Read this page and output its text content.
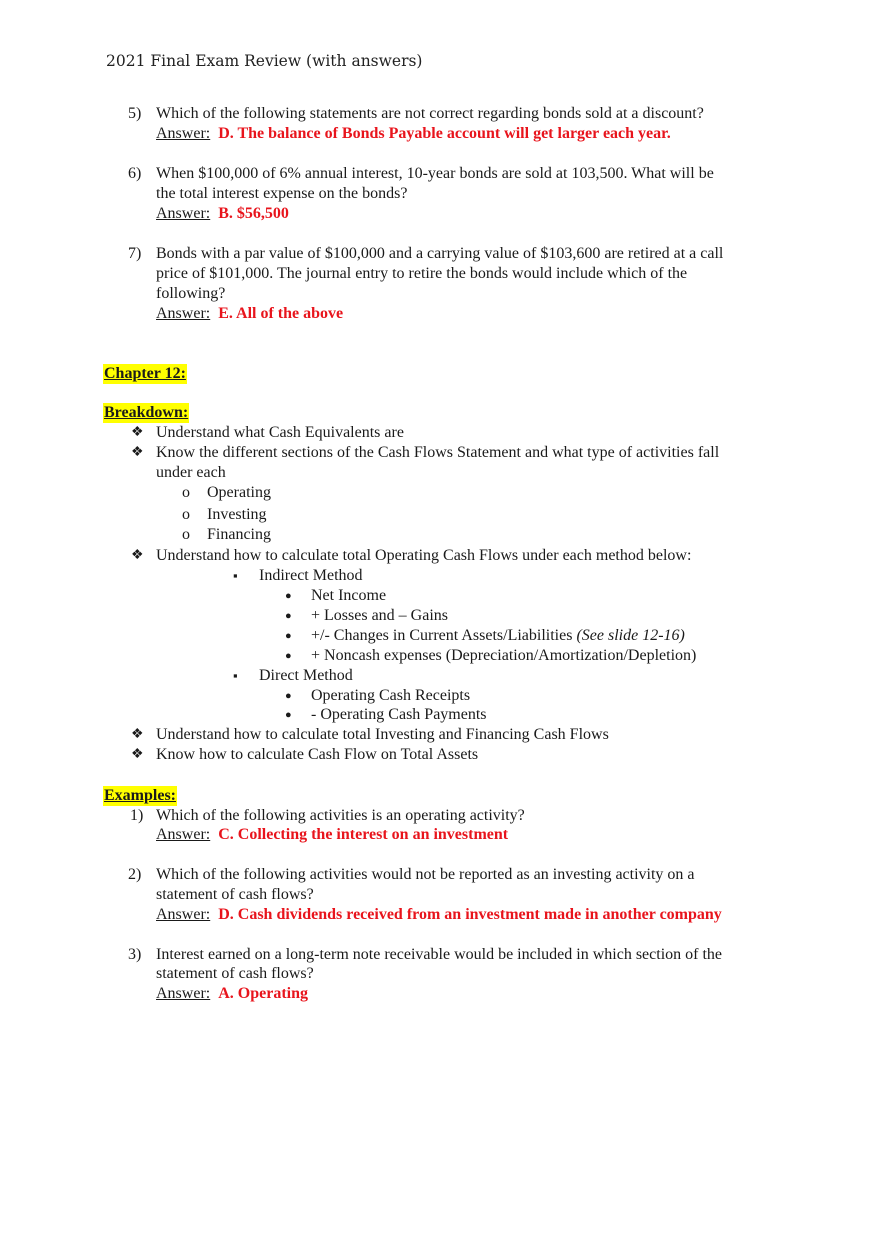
2021 Final Exam Review (with answers)
5) Which of the following statements are not correct regarding bonds sold at a discount?
Answer: D. The balance of Bonds Payable account will get larger each year.
6) When $100,000 of 6% annual interest, 10-year bonds are sold at 103,500. What will be
the total interest expense on the bonds?
Answer: B. $56,500
7) Bonds with a par value of $100,000 and a carrying value of $103,600 are retired at a call
price of $101,000. The journal entry to retire the bonds would include which of the
following?
Answer: E. All of the above
Chapter 12:
Breakdown:
❖ Understand what Cash Equivalents are
❖ Know the different sections of the Cash Flows Statement and what type of activities fall
under each
o Operating
o Investing
o Financing
❖ Understand how to calculate total Operating Cash Flows under each method below:
▪ Indirect Method
● Net Income
● + Losses and – Gains
● +/- Changes in Current Assets/Liabilities (See slide 12-16)
● + Noncash expenses (Depreciation/Amortization/Depletion)
▪ Direct Method
● Operating Cash Receipts
● - Operating Cash Payments
❖ Understand how to calculate total Investing and Financing Cash Flows
❖ Know how to calculate Cash Flow on Total Assets
Examples:
1) Which of the following activities is an operating activity?
Answer: C. Collecting the interest on an investment
2) Which of the following activities would not be reported as an investing activity on a
statement of cash flows?
Answer: D. Cash dividends received from an investment made in another company
3) Interest earned on a long-term note receivable would be included in which section of the
statement of cash flows?
Answer: A. Operating
